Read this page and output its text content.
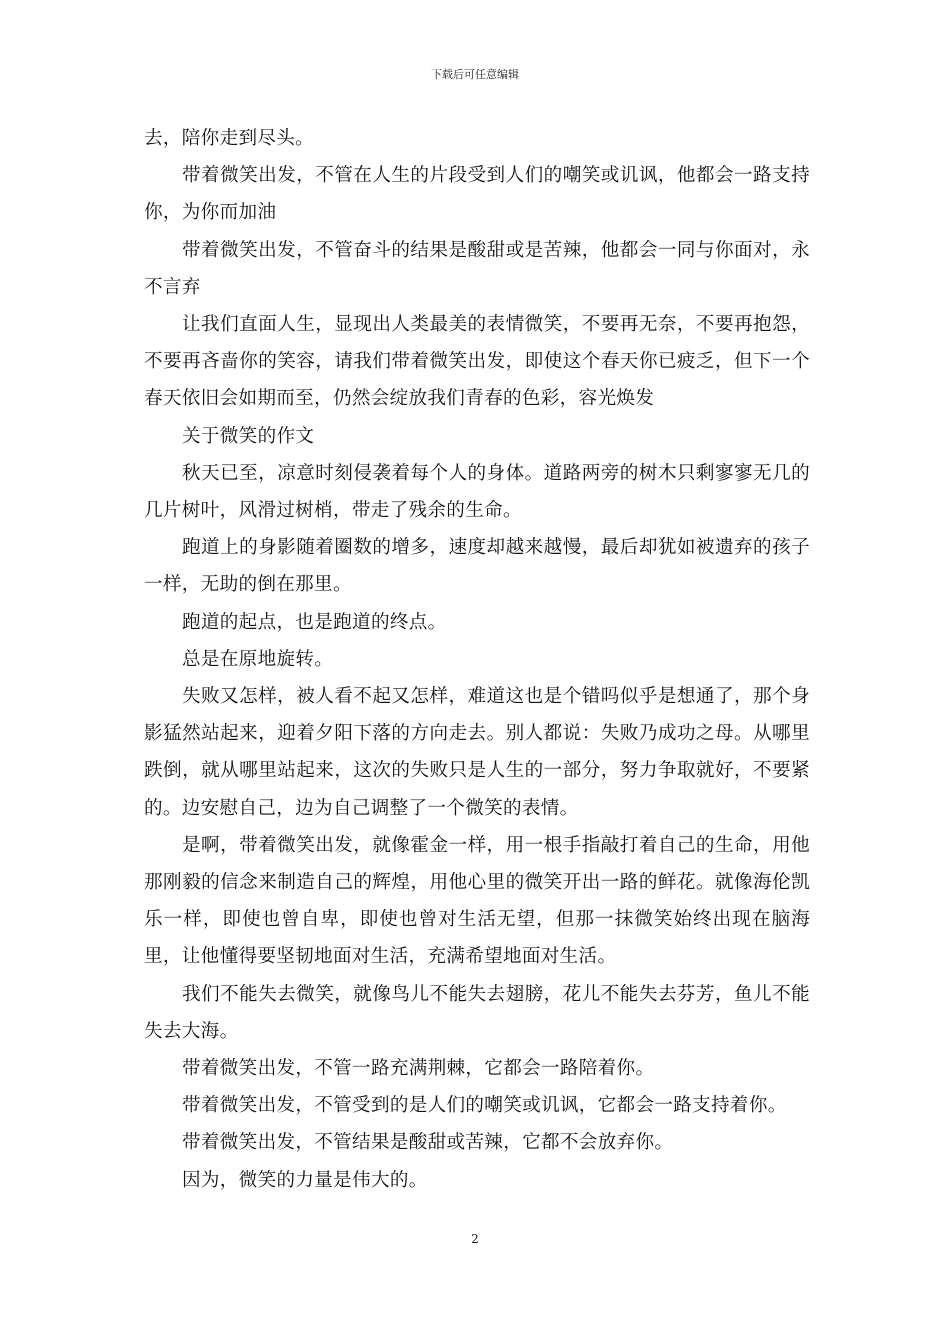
下载后可任意编辑

去，陪你走到尽头。

带着微笑出发，不管在人生的片段受到人们的嘲笑或讥讽，他都会一路支持你，为你而加油

带着微笑出发，不管奋斗的结果是酸甜或是苦辣，他都会一同与你面对，永不言弃

让我们直面人生，显现出人类最美的表情微笑，不要再无奈，不要再抱怨，不要再吝啬你的笑容，请我们带着微笑出发，即使这个春天你已疲乏，但下一个春天依旧会如期而至，仍然会绽放我们青春的色彩，容光焕发

关于微笑的作文

秋天已至，凉意时刻侵袭着每个人的身体。道路两旁的树木只剩寥寥无几的几片树叶，风滑过树梢，带走了残余的生命。

跑道上的身影随着圈数的增多，速度却越来越慢，最后却犹如被遗弃的孩子一样，无助的倒在那里。

跑道的起点，也是跑道的终点。

总是在原地旋转。

失败又怎样，被人看不起又怎样，难道这也是个错吗似乎是想通了，那个身影猛然站起来，迎着夕阳下落的方向走去。别人都说：失败乃成功之母。从哪里跌倒，就从哪里站起来，这次的失败只是人生的一部分，努力争取就好，不要紧的。边安慰自己，边为自己调整了一个微笑的表情。

是啊，带着微笑出发，就像霍金一样，用一根手指敲打着自己的生命，用他那刚毅的信念来制造自己的辉煌，用他心里的微笑开出一路的鲜花。就像海伦凯乐一样，即使也曾自卑，即使也曾对生活无望，但那一抹微笑始终出现在脑海里，让他懂得要坚韧地面对生活，充满希望地面对生活。

我们不能失去微笑，就像鸟儿不能失去翅膀，花儿不能失去芬芳，鱼儿不能失去大海。

带着微笑出发，不管一路充满荆棘，它都会一路陪着你。

带着微笑出发，不管受到的是人们的嘲笑或讥讽，它都会一路支持着你。

带着微笑出发，不管结果是酸甜或苦辣，它都不会放弃你。

因为，微笑的力量是伟大的。

2
